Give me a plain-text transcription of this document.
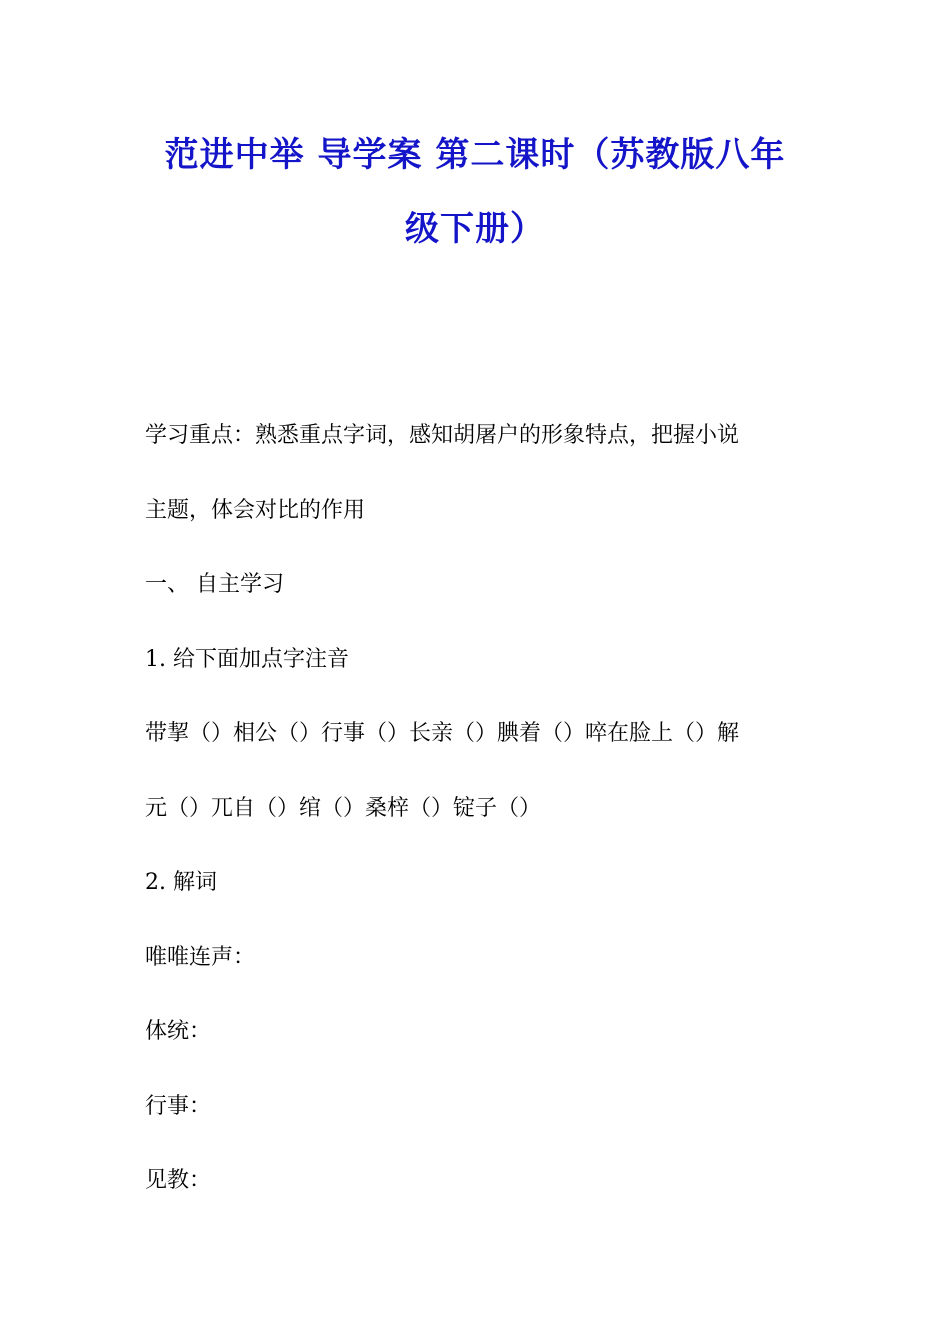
范进中举 导学案 第二课时（苏教版八年
级下册）
学习重点：熟悉重点字词，感知胡屠户的形象特点，把握小说
主题，体会对比的作用
一、 自主学习
1. 给下面加点字注音
带挈（）相公（）行事（）长亲（）腆着（）啐在脸上（）解
元（）兀自（）绾（）桑梓（）锭子（）
2. 解词
唯唯连声：
体统：
行事：
见教：
